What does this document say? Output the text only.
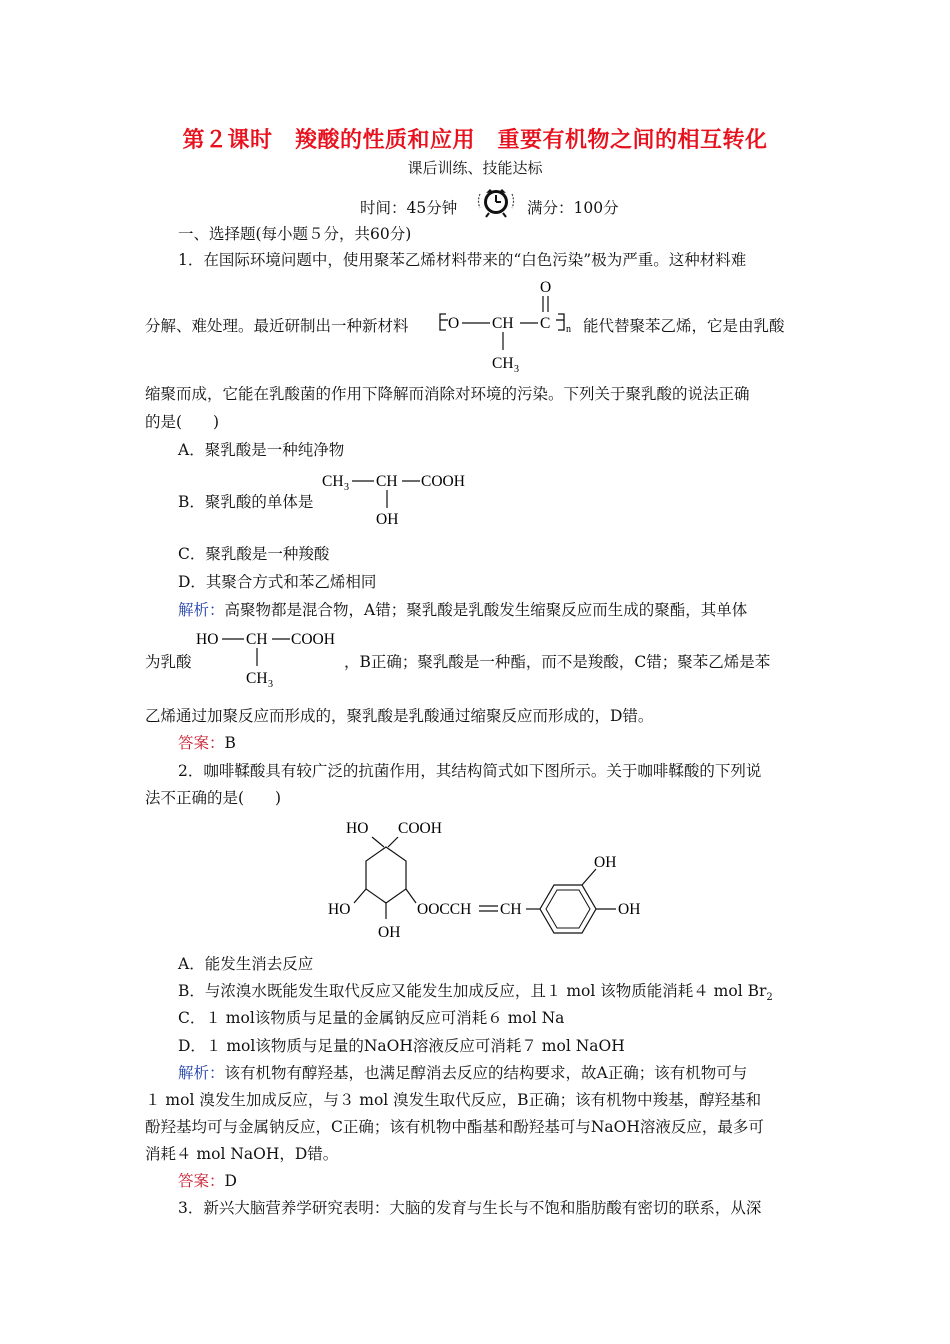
第２课时　羧酸的性质和应用　重要有机物之间的相互转化
课后训练、技能达标
时间：45分钟	满分：100分
一、选择题(每小题５分，共60分)
1．在国际环境问题中，使用聚苯乙烯材料带来的“白色污染”极为严重。这种材料难
分解、难处理。最近研制出一种新材料	O CH C
O
n
CH 3
能代替聚苯乙烯，它是由乳酸
缩聚而成，它能在乳酸菌的作用下降解而消除对环境的污染。下列关于聚乳酸的说法正确
的是(　　)
A．聚乳酸是一种纯净物
B．聚乳酸的单体是
CH 3 CH COOH
OH
C．聚乳酸是一种羧酸
D．其聚合方式和苯乙烯相同
解析：高聚物都是混合物，A错；聚乳酸是乳酸发生缩聚反应而生成的聚酯，其单体
为乳酸
HO CH COOH
CH 3
，B正确；聚乳酸是一种酯，而不是羧酸，C错；聚苯乙烯是苯
乙烯通过加聚反应而形成的，聚乳酸是乳酸通过缩聚反应而形成的，D错。
答案：B
2．咖啡鞣酸具有较广泛的抗菌作用，其结构简式如下图所示。关于咖啡鞣酸的下列说
法不正确的是(　　)
HO COOH
HO
OH
OOCCH CH
OH
OH
A．能发生消去反应
B．与浓溴水既能发生取代反应又能发生加成反应，且１ mol 该物质能消耗４ mol $Br_2$
C．１ mol该物质与足量的金属钠反应可消耗６ mol Na
D．１ mol该物质与足量的NaOH溶液反应可消耗７ mol NaOH
解析：该有机物有醇羟基，也满足醇消去反应的结构要求，故A正确；该有机物可与
１ mol 溴发生加成反应，与３ mol 溴发生取代反应，B正确；该有机物中羧基，醇羟基和
酚羟基均可与金属钠反应，C正确；该有机物中酯基和酚羟基可与NaOH溶液反应，最多可
消耗４ mol NaOH，D错。
答案：D
3．新兴大脑营养学研究表明：大脑的发育与生长与不饱和脂肪酸有密切的联系，从深
